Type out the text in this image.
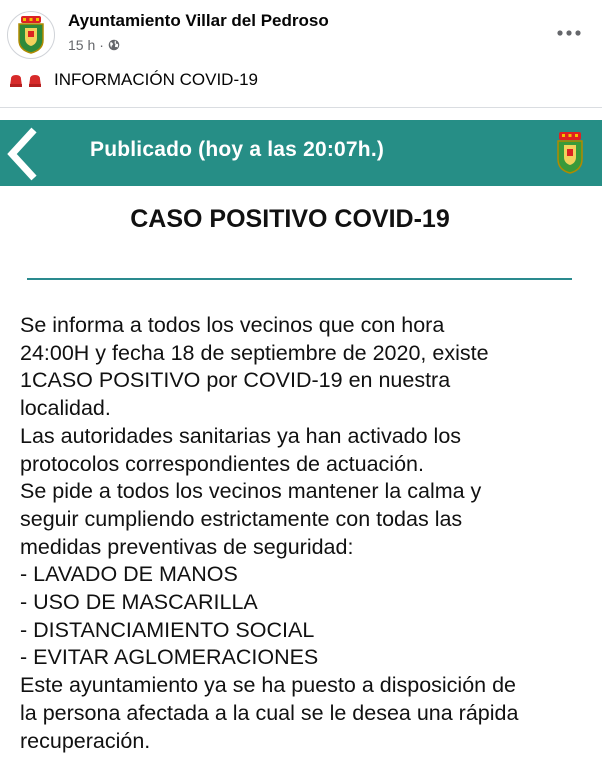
Ayuntamiento Villar del Pedroso
15 h ·
INFORMACIÓN COVID-19
Publicado (hoy a las 20:07h.)
CASO POSITIVO COVID-19
Se informa a todos los vecinos que con hora
24:00H y fecha 18 de septiembre de 2020, existe
1CASO POSITIVO por COVID-19 en nuestra
localidad.
Las autoridades sanitarias ya han activado los
protocolos correspondientes de actuación.
Se pide a todos los vecinos mantener la calma y
seguir cumpliendo estrictamente con todas las
medidas preventivas de seguridad:
- LAVADO DE MANOS
- USO DE MASCARILLA
- DISTANCIAMIENTO SOCIAL
- EVITAR AGLOMERACIONES
Este ayuntamiento ya se ha puesto a disposición de
la persona afectada a la cual se le desea una rápida
recuperación.
